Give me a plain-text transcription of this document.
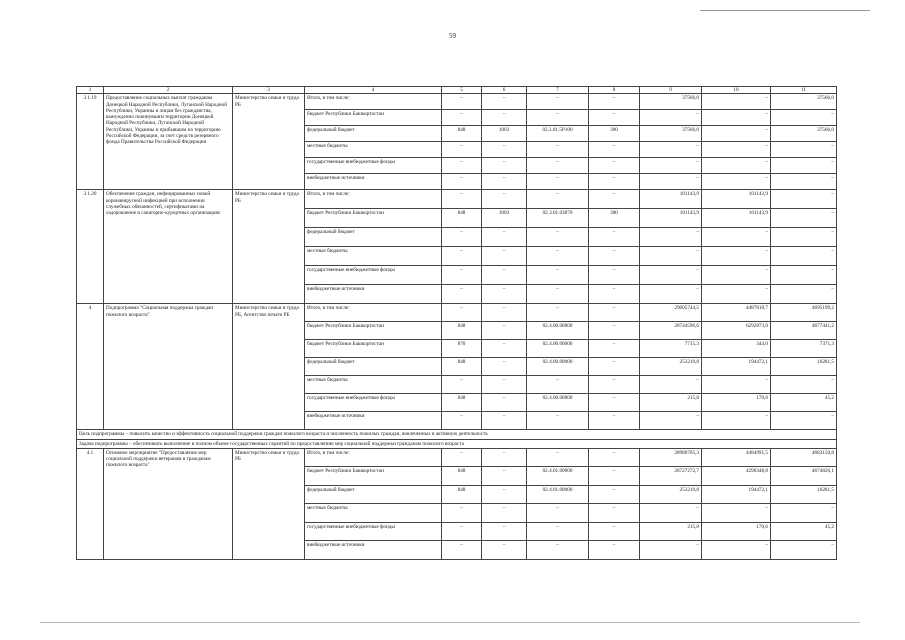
59
1	2	3	4	5	6	7	8	9	10	11
3.1.19	Предоставление социальных выплат гражданам Донецкой Народной Республики, Луганской Народной Республики, Украины и лицам без гражданства, вынужденно покинувшим территории Донецкой Народной Республики, Луганской Народной Республики, Украины и прибывшим на территорию Российской Федерации, за счет средств резервного фонда Правительства Российской Федерации	Министерство семьи и труда РБ	Итого, в том числе:	–	–	–	–	37566,0	–	37566,0
			бюджет Республики Башкортостан	–	–	–	–	–	–	–
			федеральный бюджет	848	1003	02.3.01.5Р100	300	37566,0	–	37566,0
			местные бюджеты	–	–	–	–	–	–	–
			государственные внебюджетные фонды	–	–	–	–	–	–	–
			внебюджетные источники	–	–	–	–	–	–	–
3.1.20	Обеспечение граждан, инфицированных новой коронавирусной инфекцией при исполнении служебных обязанностей, сертификатами на оздоровление в санаторно-курортных организациях	Министерство семьи и труда РБ	Итого, в том числе:	–	–	–	–	101143,9	101143,9	–
			бюджет Республики Башкортостан	848	1003	02.3.01.03870	300	101143,9	101143,9	–
			федеральный бюджет	–	–	–	–	–	–	–
			местные бюджеты	–	–	–	–	–	–	–
			государственные внебюджетные фонды	–	–	–	–	–	–	–
			внебюджетные источники	–	–	–	–	–	–	–
4	Подпрограмма "Социальная поддержка граждан пожилого возраста"	Министерство семьи и труда РБ, Агентство печати РБ	Итого, в том числе:	–	–	–	–	29005744,5	4487818,7	4695199,2
			бюджет Республики Башкортостан	848	–	02.4.00.00000	–	28744596,6	6292873,0	4677441,2
			бюджет Республики Башкортостан	870	–	02.4.00.00000	–	7715,3	344,0	7371,3
			федеральный бюджет	848	–	02.4.00.00000	–	253216,8	194472,1	10281,5
			местные бюджеты	–	–	–	–	–	–	–
			государственные внебюджетные фонды	848	–	02.4.00.00000	–	215,8	170,6	45,2
			внебюджетные источники	–	–	–	–	–	–	–
Цель подпрограммы – повысить качество и эффективность социальной поддержки граждан пожилого возраста и численность пожилых граждан, вовлеченных в активную деятельность										
Задача подпрограммы – обеспечивать выполнение в полном объеме государственных гарантий по предоставлению мер социальной поддержки гражданам пожилого возраста										
4.1	Основное мероприятие "Предоставление мер социальной поддержки ветеранам и гражданам пожилого возраста"	Министерство семьи и труда РБ	Итого, в том числе:	–	–	–	–	28980705,3	4484991,5	4683150,8
			бюджет Республики Башкортостан	848	–	02.4.01.00000	–	28727272,7	4290348,8	4674826,1
			федеральный бюджет	848	–	02.4.01.00000	–	253216,8	194472,1	10281,5
			местные бюджеты	–	–	–	–	–	–	–
			государственные внебюджетные фонды	–	–	–	–	215,8	170,6	45,2
			внебюджетные источники	–	–	–	–	–	–	–
